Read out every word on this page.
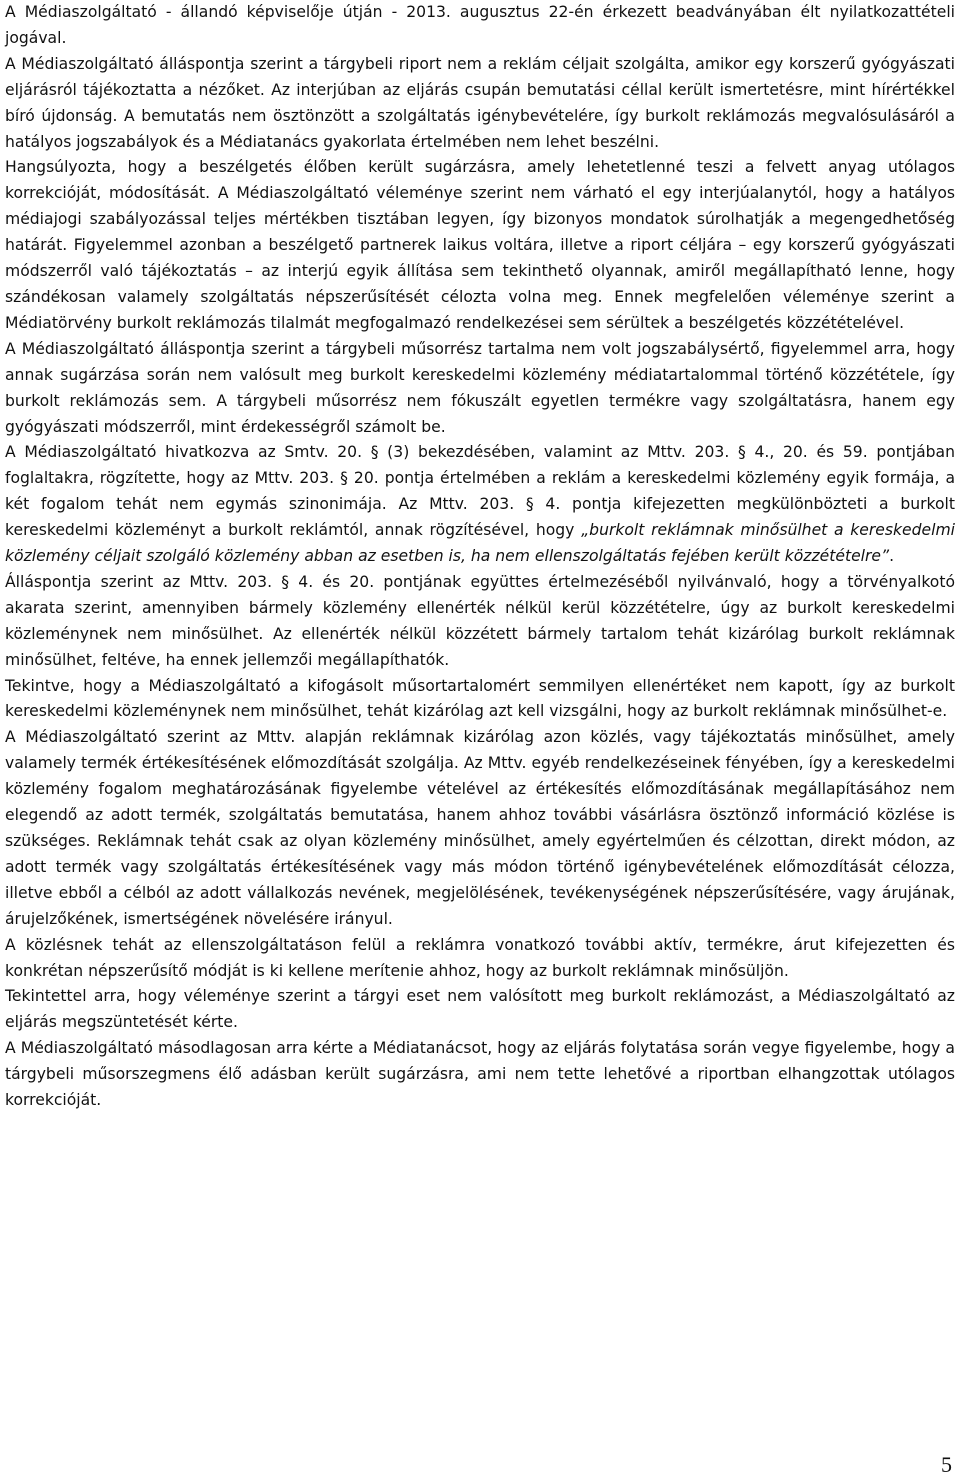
A Médiaszolgáltató - állandó képviselője útján - 2013. augusztus 22-én érkezett beadványában élt nyilatkozattételi jogával.

A Médiaszolgáltató álláspontja szerint a tárgybeli riport nem a reklám céljait szolgálta, amikor egy korszerű gyógyászati eljárásról tájékoztatta a nézőket. Az interjúban az eljárás csupán bemutatási céllal került ismertetésre, mint hírértékkel bíró újdonság. A bemutatás nem ösztönzött a szolgáltatás igénybevételére, így burkolt reklámozás megvalósulásáról a hatályos jogszabályok és a Médiatanács gyakorlata értelmében nem lehet beszélni.

Hangsúlyozta, hogy a beszélgetés élőben került sugárzásra, amely lehetetlenné teszi a felvett anyag utólagos korrekcióját, módosítását. A Médiaszolgáltató véleménye szerint nem várható el egy interjúalanytól, hogy a hatályos médiajogi szabályozással teljes mértékben tisztában legyen, így bizonyos mondatok súrolhatják a megengedhetőség határát. Figyelemmel azonban a beszélgető partnerek laikus voltára, illetve a riport céljára – egy korszerű gyógyászati módszerről való tájékoztatás – az interjú egyik állítása sem tekinthető olyannak, amiről megállapítható lenne, hogy szándékosan valamely szolgáltatás népszerűsítését célozta volna meg. Ennek megfelelően véleménye szerint a Médiatörvény burkolt reklámozás tilalmát megfogalmazó rendelkezései sem sérültek a beszélgetés közzétételével.

A Médiaszolgáltató álláspontja szerint a tárgybeli műsorrész tartalma nem volt jogszabálysértő, figyelemmel arra, hogy annak sugárzása során nem valósult meg burkolt kereskedelmi közlemény médiatartalommal történő közzététele, így burkolt reklámozás sem. A tárgybeli műsorrész nem fókuszált egyetlen termékre vagy szolgáltatásra, hanem egy gyógyászati módszerről, mint érdekességről számolt be.

A Médiaszolgáltató hivatkozva az Smtv. 20. § (3) bekezdésében, valamint az Mttv. 203. § 4., 20. és 59. pontjában foglaltakra, rögzítette, hogy az Mttv. 203. § 20. pontja értelmében a reklám a kereskedelmi közlemény egyik formája, a két fogalom tehát nem egymás szinonimája. Az Mttv. 203. § 4. pontja kifejezetten megkülönbözteti a burkolt kereskedelmi közleményt a burkolt reklámtól, annak rögzítésével, hogy „burkolt reklámnak minősülhet a kereskedelmi közlemény céljait szolgáló közlemény abban az esetben is, ha nem ellenszolgáltatás fejében került közzétételre”.

Álláspontja szerint az Mttv. 203. § 4. és 20. pontjának együttes értelmezéséből nyilvánvaló, hogy a törvényalkotó akarata szerint, amennyiben bármely közlemény ellenérték nélkül kerül közzétételre, úgy az burkolt kereskedelmi közleménynek nem minősülhet. Az ellenérték nélkül közzétett bármely tartalom tehát kizárólag burkolt reklámnak minősülhet, feltéve, ha ennek jellemzői megállapíthatók.

Tekintve, hogy a Médiaszolgáltató a kifogásolt műsortartalomért semmilyen ellenértéket nem kapott, így az burkolt kereskedelmi közleménynek nem minősülhet, tehát kizárólag azt kell vizsgálni, hogy az burkolt reklámnak minősülhet-e.

A Médiaszolgáltató szerint az Mttv. alapján reklámnak kizárólag azon közlés, vagy tájékoztatás minősülhet, amely valamely termék értékesítésének előmozdítását szolgálja. Az Mttv. egyéb rendelkezéseinek fényében, így a kereskedelmi közlemény fogalom meghatározásának figyelembe vételével az értékesítés előmozdításának megállapításához nem elegendő az adott termék, szolgáltatás bemutatása, hanem ahhoz további vásárlásra ösztönző információ közlése is szükséges. Reklámnak tehát csak az olyan közlemény minősülhet, amely egyértelműen és célzottan, direkt módon, az adott termék vagy szolgáltatás értékesítésének vagy más módon történő igénybevételének előmozdítását célozza, illetve ebből a célból az adott vállalkozás nevének, megjelölésének, tevékenységének népszerűsítésére, vagy árujának, árujelzőkének, ismertségének növelésére irányul.

A közlésnek tehát az ellenszolgáltatáson felül a reklámra vonatkozó további aktív, termékre, árut kifejezetten és konkrétan népszerűsítő módját is ki kellene merítenie ahhoz, hogy az burkolt reklámnak minősüljön.

Tekintettel arra, hogy véleménye szerint a tárgyi eset nem valósított meg burkolt reklámozást, a Médiaszolgáltató az eljárás megszüntetését kérte.

A Médiaszolgáltató másodlagosan arra kérte a Médiatanácsot, hogy az eljárás folytatása során vegye figyelembe, hogy a tárgybeli műsorszegmens élő adásban került sugárzásra, ami nem tette lehetővé a riportban elhangzottak utólagos korrekcióját.

5
